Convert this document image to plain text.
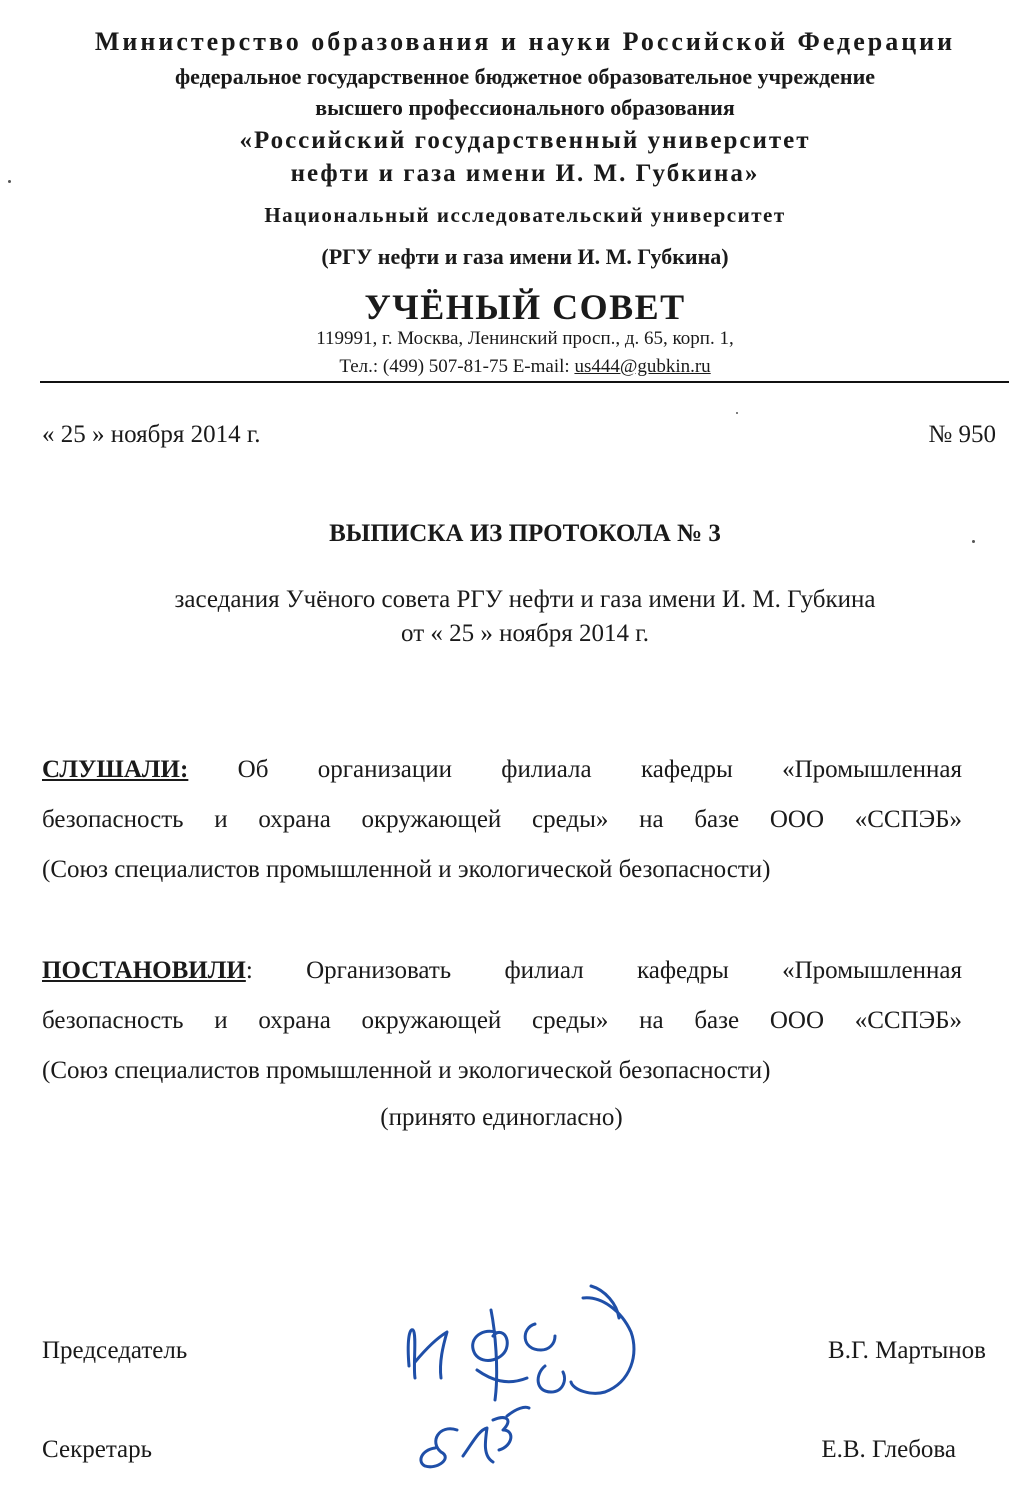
Министерство образования и науки Российской Федерации
федеральное государственное бюджетное образовательное учреждение
высшего профессионального образования
«Российский государственный университет
нефти и газа имени И. М. Губкина»
Национальный исследовательский университет
(РГУ нефти и газа имени И. М. Губкина)
УЧЁНЫЙ СОВЕТ
119991, г. Москва, Ленинский просп., д. 65, корп. 1,
Тел.: (499) 507-81-75 E-mail: us444@gubkin.ru
« 25 » ноября 2014 г.	№ 950
ВЫПИСКА ИЗ ПРОТОКОЛА № 3
заседания Учёного совета РГУ нефти и газа имени И. М. Губкина
от « 25 » ноября 2014 г.
СЛУШАЛИ: Об организации филиала кафедры «Промышленная
безопасность и охрана окружающей среды» на базе ООО «ССПЭБ»
(Союз специалистов промышленной и экологической безопасности)
ПОСТАНОВИЛИ: Организовать филиал кафедры «Промышленная
безопасность и охрана окружающей среды» на базе ООО «ССПЭБ»
(Союз специалистов промышленной и экологической безопасности)
(принято единогласно)
Председатель	В.Г. Мартынов
Секретарь	Е.В. Глебова
